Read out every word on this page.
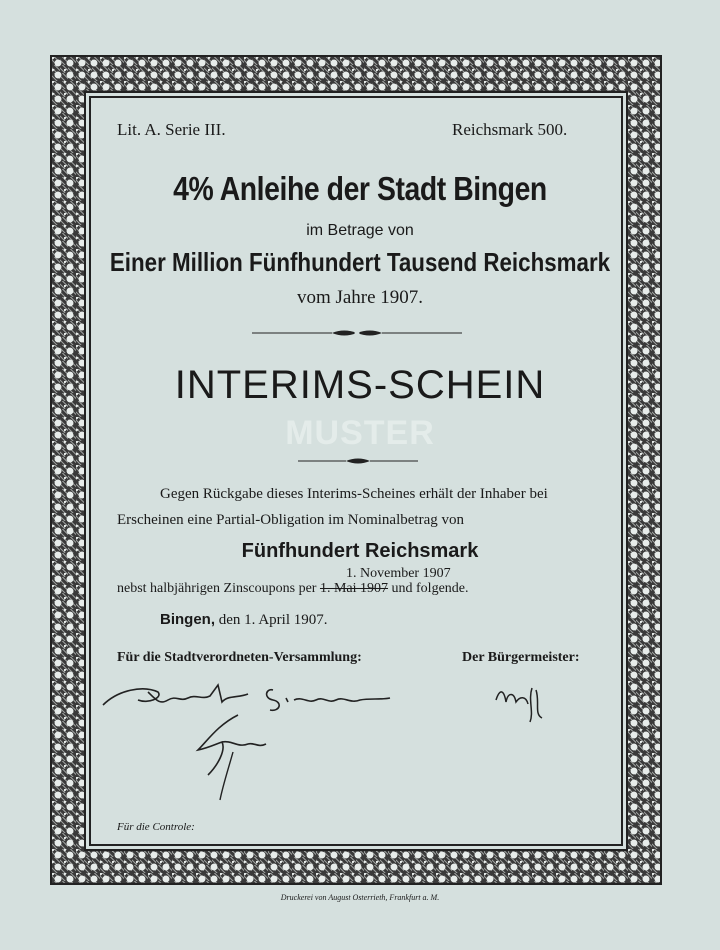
Lit. A. Serie III.	Reichsmark 500.
4% Anleihe der Stadt Bingen
im Betrage von
Einer Million Fünfhundert Tausend Reichsmark
vom Jahre 1907.
INTERIMS-SCHEIN
MUSTER
Gegen Rückgabe dieses Interims-Scheines erhält der Inhaber bei
Erscheinen eine Partial-Obligation im Nominalbetrag von
Fünfhundert Reichsmark
1. November 1907
nebst halbjährigen Zinscoupons per 1. Mai 1907 und folgende.
Bingen, den 1. April 1907.
Für die Stadtverordneten-Versammlung:	Der Bürgermeister:
Für die Controle:
Druckerei von August Osterrieth, Frankfurt a. M.
